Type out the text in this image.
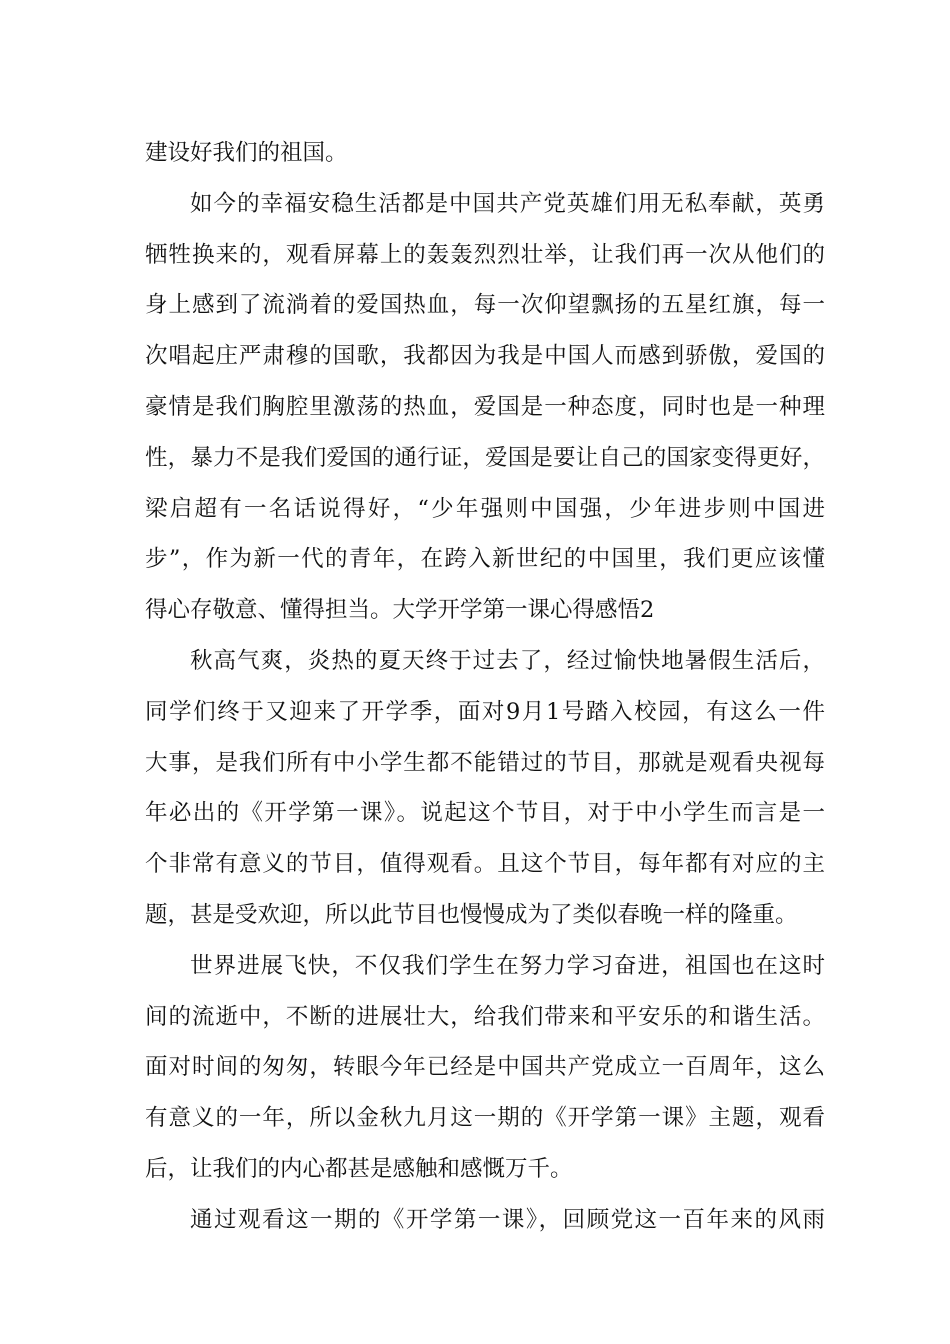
建设好我们的祖国。
如今的幸福安稳生活都是中国共产党英雄们用无私奉献，英勇
牺牲换来的，观看屏幕上的轰轰烈烈壮举，让我们再一次从他们的
身上感到了流淌着的爱国热血，每一次仰望飘扬的五星红旗，每一
次唱起庄严肃穆的国歌，我都因为我是中国人而感到骄傲，爱国的
豪情是我们胸腔里激荡的热血，爱国是一种态度，同时也是一种理
性，暴力不是我们爱国的通行证，爱国是要让自己的国家变得更好，
梁启超有一名话说得好，“少年强则中国强，少年进步则中国进
步”，作为新一代的青年，在跨入新世纪的中国里，我们更应该懂
得心存敬意、懂得担当。大学开学第一课心得感悟2
秋高气爽，炎热的夏天终于过去了，经过愉快地暑假生活后，
同学们终于又迎来了开学季，面对9月1号踏入校园，有这么一件
大事，是我们所有中小学生都不能错过的节目，那就是观看央视每
年必出的《开学第一课》。说起这个节目，对于中小学生而言是一
个非常有意义的节目，值得观看。且这个节目，每年都有对应的主
题，甚是受欢迎，所以此节目也慢慢成为了类似春晚一样的隆重。
世界进展飞快，不仅我们学生在努力学习奋进，祖国也在这时
间的流逝中，不断的进展壮大，给我们带来和平安乐的和谐生活。
面对时间的匆匆，转眼今年已经是中国共产党成立一百周年，这么
有意义的一年，所以金秋九月这一期的《开学第一课》主题，观看
后，让我们的内心都甚是感触和感慨万千。
通过观看这一期的《开学第一课》，回顾党这一百年来的风雨
